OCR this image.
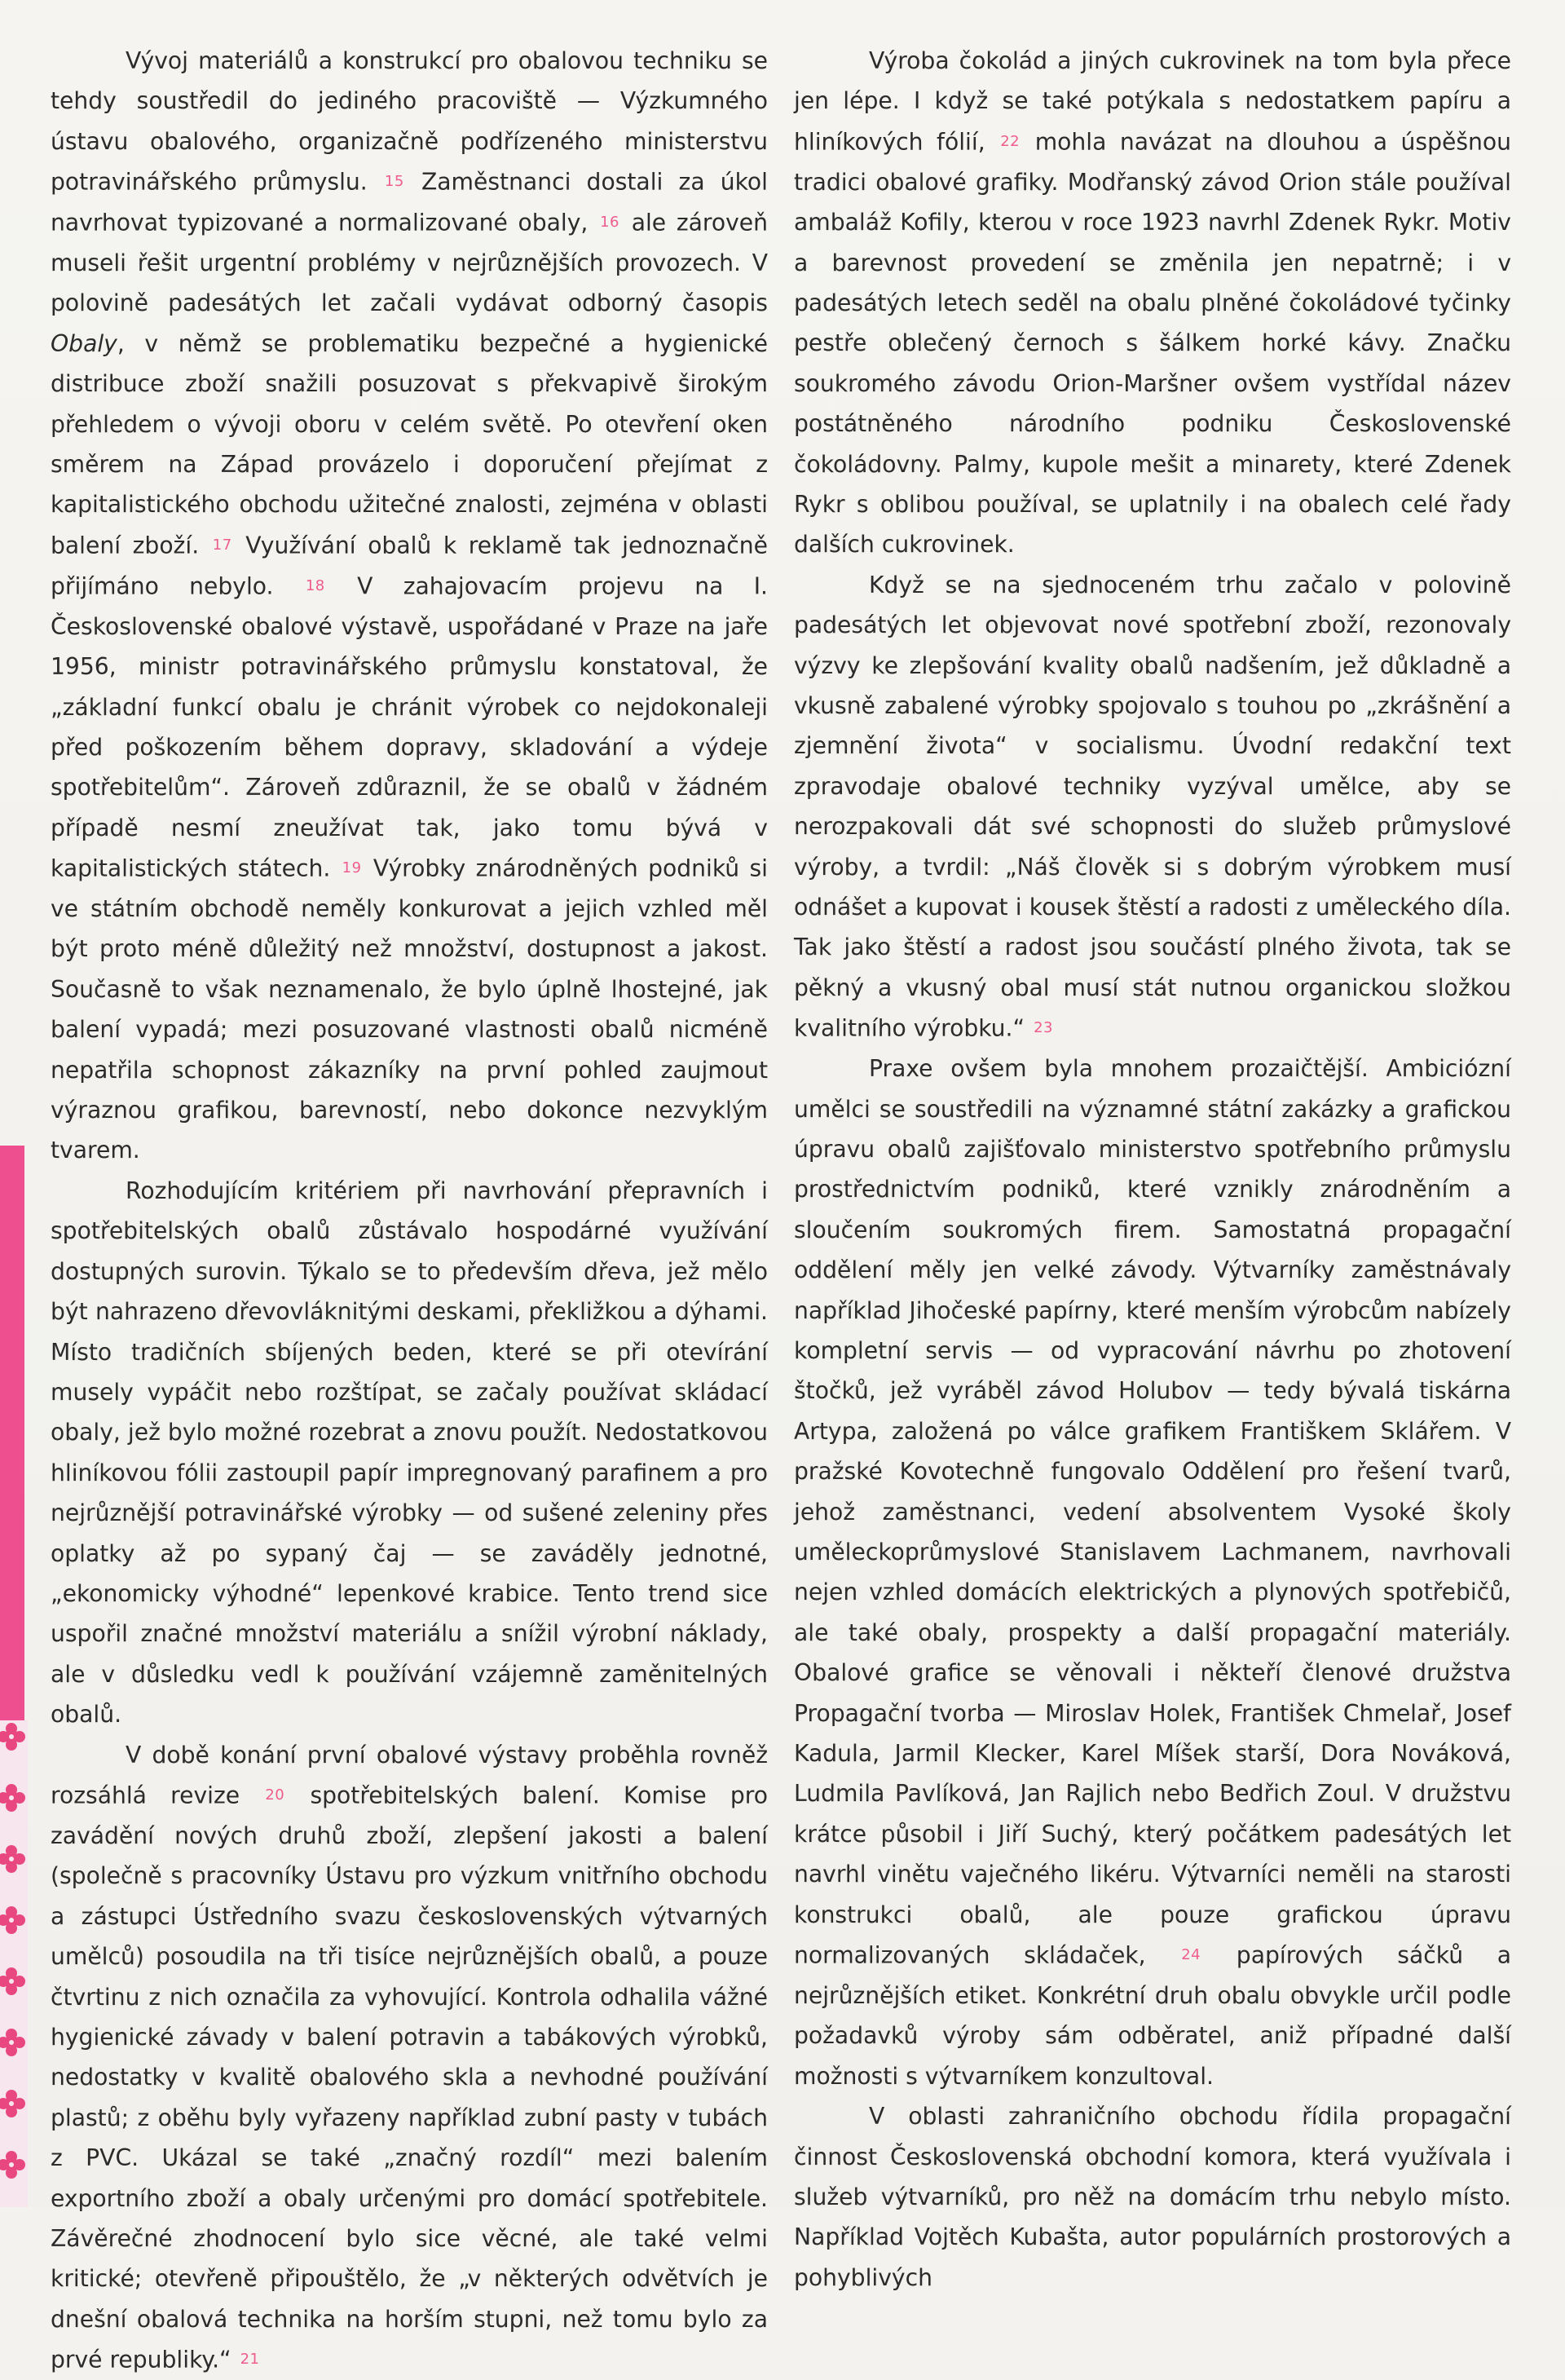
Vývoj materiálů a konstrukcí pro obalovou techniku se tehdy soustředil do jediného pracoviště — Výzkumného ústavu obalového, organizačně podřízeného ministerstvu potravinářského průmyslu. 15 Zaměstnanci dostali za úkol navrhovat typizované a normalizované obaly, 16 ale zároveň museli řešit urgentní problémy v nejrůznějších provozech. V polovině padesátých let začali vydávat odborný časopis Obaly, v němž se problematiku bezpečné a hygienické distribuce zboží snažili posuzovat s překvapivě širokým přehledem o vývoji oboru v celém světě. Po otevření oken směrem na Západ provázelo i doporučení přejímat z kapitalistického obchodu užitečné znalosti, zejména v oblasti balení zboží. 17 Využívání obalů k reklamě tak jednoznačně přijímáno nebylo. 18 V zahajovacím projevu na I. Československé obalové výstavě, uspořádané v Praze na jaře 1956, ministr potravinářského průmyslu konstatoval, že „základní funkcí obalu je chránit výrobek co nejdokonaleji před poškozením během dopravy, skladování a výdeje spotřebitelům“. Zároveň zdůraznil, že se obalů v žádném případě nesmí zneužívat tak, jako tomu bývá v kapitalistických státech. 19 Výrobky znárodněných podniků si ve státním obchodě neměly konkurovat a jejich vzhled měl být proto méně důležitý než množství, dostupnost a jakost. Současně to však neznamenalo, že bylo úplně lhostejné, jak balení vypadá; mezi posuzované vlastnosti obalů nicméně nepatřila schopnost zákazníky na první pohled zaujmout výraznou grafikou, barevností, nebo dokonce nezvyklým tvarem.

Rozhodujícím kritériem při navrhování přepravních i spotřebitelských obalů zůstávalo hospodárné využívání dostupných surovin. Týkalo se to především dřeva, jež mělo být nahrazeno dřevovláknitými deskami, překližkou a dýhami. Místo tradičních sbíjených beden, které se při otevírání musely vypáčit nebo rozštípat, se začaly používat skládací obaly, jež bylo možné rozebrat a znovu použít. Nedostatkovou hliníkovou fólii zastoupil papír impregnovaný parafinem a pro nejrůznější potravinářské výrobky — od sušené zeleniny přes oplatky až po sypaný čaj — se zaváděly jednotné, „ekonomicky výhodné“ lepenkové krabice. Tento trend sice uspořil značné množství materiálu a snížil výrobní náklady, ale v důsledku vedl k používání vzájemně zaměnitelných obalů.

V době konání první obalové výstavy proběhla rovněž rozsáhlá revize 20 spotřebitelských balení. Komise pro zavádění nových druhů zboží, zlepšení jakosti a balení (společně s pracovníky Ústavu pro výzkum vnitřního obchodu a zástupci Ústředního svazu československých výtvarných umělců) posoudila na tři tisíce nejrůznějších obalů, a pouze čtvrtinu z nich označila za vyhovující. Kontrola odhalila vážné hygienické závady v balení potravin a tabákových výrobků, nedostatky v kvalitě obalového skla a nevhodné používání plastů; z oběhu byly vyřazeny například zubní pasty v tubách z PVC. Ukázal se také „značný rozdíl“ mezi balením exportního zboží a obaly určenými pro domácí spotřebitele. Závěrečné zhodnocení bylo sice věcné, ale také velmi kritické; otevřeně připouštělo, že „v některých odvětvích je dnešní obalová technika na horším stupni, než tomu bylo za prvé republiky.“ 21

Výroba čokolád a jiných cukrovinek na tom byla přece jen lépe. I když se také potýkala s nedostatkem papíru a hliníkových fólií, 22 mohla navázat na dlouhou a úspěšnou tradici obalové grafiky. Modřanský závod Orion stále používal ambaláž Kofily, kterou v roce 1923 navrhl Zdenek Rykr. Motiv a barevnost provedení se změnila jen nepatrně; i v padesátých letech seděl na obalu plněné čokoládové tyčinky pestře oblečený černoch s šálkem horké kávy. Značku soukromého závodu Orion-Maršner ovšem vystřídal název postátněného národního podniku Československé čokoládovny. Palmy, kupole mešit a minarety, které Zdenek Rykr s oblibou používal, se uplatnily i na obalech celé řady dalších cukrovinek.

Když se na sjednoceném trhu začalo v polovině padesátých let objevovat nové spotřební zboží, rezonovaly výzvy ke zlepšování kvality obalů nadšením, jež důkladně a vkusně zabalené výrobky spojovalo s touhou po „zkrášnění a zjemnění života“ v socialismu. Úvodní redakční text zpravodaje obalové techniky vyzýval umělce, aby se nerozpakovali dát své schopnosti do služeb průmyslové výroby, a tvrdil: „Náš člověk si s dobrým výrobkem musí odnášet a kupovat i kousek štěstí a radosti z uměleckého díla. Tak jako štěstí a radost jsou součástí plného života, tak se pěkný a vkusný obal musí stát nutnou organickou složkou kvalitního výrobku.“ 23

Praxe ovšem byla mnohem prozaičtější. Ambiciózní umělci se soustředili na významné státní zakázky a grafickou úpravu obalů zajišťovalo ministerstvo spotřebního průmyslu prostřednictvím podniků, které vznikly znárodněním a sloučením soukromých firem. Samostatná propagační oddělení měly jen velké závody. Výtvarníky zaměstnávaly například Jihočeské papírny, které menším výrobcům nabízely kompletní servis — od vypracování návrhu po zhotovení štočků, jež vyráběl závod Holubov — tedy bývalá tiskárna Artypa, založená po válce grafikem Františkem Sklářem. V pražské Kovotechně fungovalo Oddělení pro řešení tvarů, jehož zaměstnanci, vedení absolventem Vysoké školy uměleckoprůmyslové Stanislavem Lachmanem, navrhovali nejen vzhled domácích elektrických a plynových spotřebičů, ale také obaly, prospekty a další propagační materiály. Obalové grafice se věnovali i někteří členové družstva Propagační tvorba — Miroslav Holek, František Chmelař, Josef Kadula, Jarmil Klecker, Karel Míšek starší, Dora Nováková, Ludmila Pavlíková, Jan Rajlich nebo Bedřich Zoul. V družstvu krátce působil i Jiří Suchý, který počátkem padesátých let navrhl vinětu vaječného likéru. Výtvarníci neměli na starosti konstrukci obalů, ale pouze grafickou úpravu normalizovaných skládaček, 24 papírových sáčků a nejrůznějších etiket. Konkrétní druh obalu obvykle určil podle požadavků výroby sám odběratel, aniž případné další možnosti s výtvarníkem konzultoval.

V oblasti zahraničního obchodu řídila propagační činnost Československá obchodní komora, která využívala i služeb výtvarníků, pro něž na domácím trhu nebylo místo. Například Vojtěch Kubašta, autor populárních prostorových a pohyblivých
